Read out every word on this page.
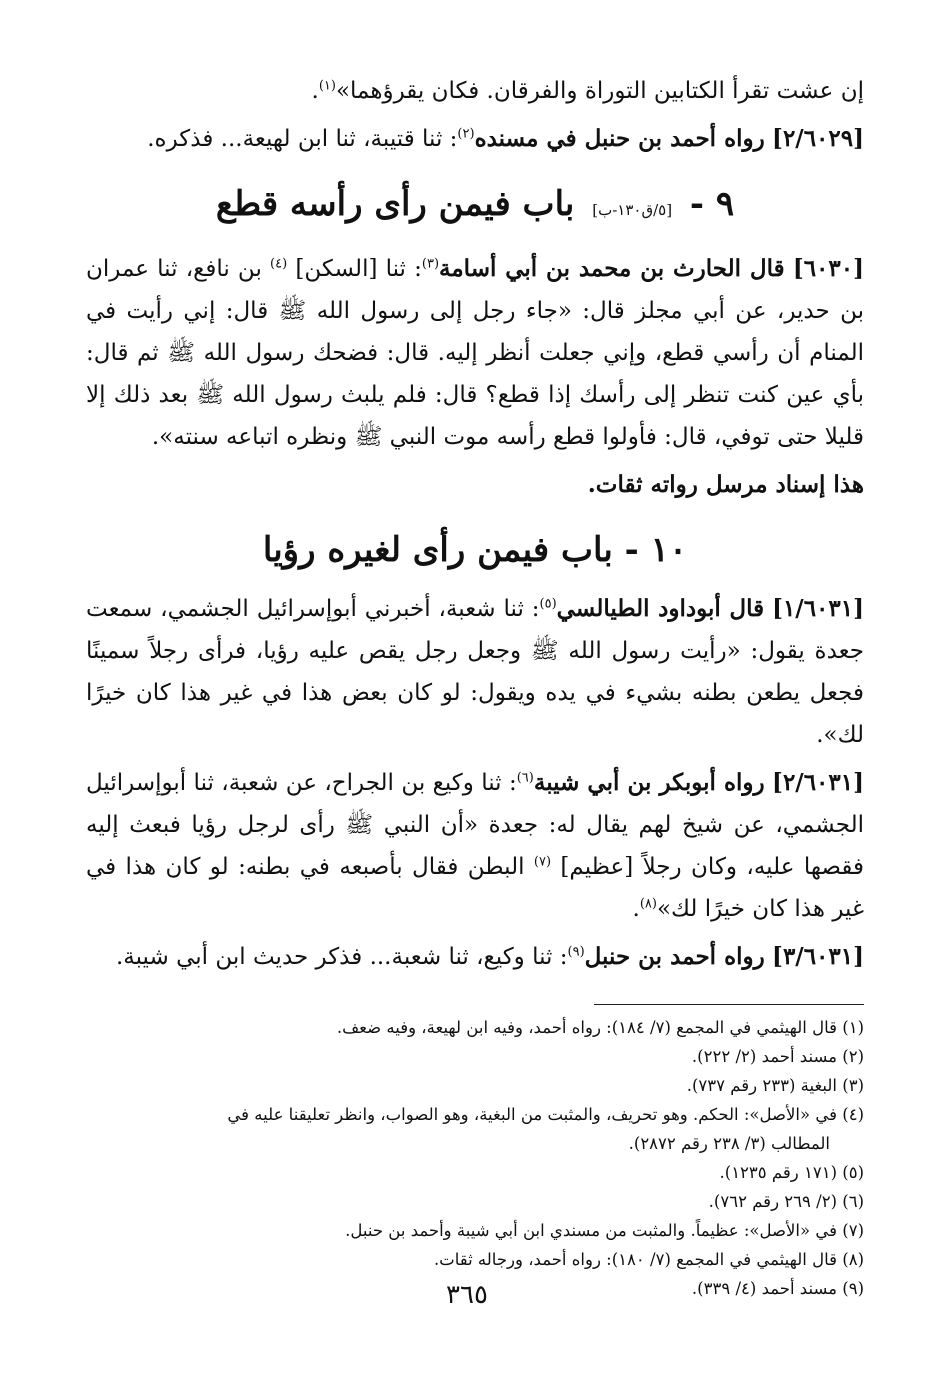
إن عشت تقرأ الكتابين التوراة والفرقان. فكان يقرؤهما»$^{(١)}$.

[٢/٦٠٢٩] رواه أحمد بن حنبل في مسنده$^{(٢)}$: ثنا قتيبة، ثنا ابن لهيعة... فذكره.

٩ - [٥/ق١٣٠-ب] باب فيمن رأى رأسه قطع

[٦٠٣٠] قال الحارث بن محمد بن أبي أسامة$^{(٣)}$: ثنا [السكن] $^{(٤)}$ بن نافع، ثنا عمران بن حدير، عن أبي مجلز قال: «جاء رجل إلى رسول الله ﷺ قال: إني رأيت في المنام أن رأسي قطع، وإني جعلت أنظر إليه. قال: فضحك رسول الله ﷺ ثم قال: بأي عين كنت تنظر إلى رأسك إذا قطع؟ قال: فلم يلبث رسول الله ﷺ بعد ذلك إلا قليلا حتى توفي، قال: فأولوا قطع رأسه موت النبي ﷺ ونظره اتباعه سنته».

هذا إسناد مرسل رواته ثقات.

١٠ - باب فيمن رأى لغيره رؤيا

[١/٦٠٣١] قال أبوداود الطيالسي$^{(٥)}$: ثنا شعبة، أخبرني أبوإسرائيل الجشمي، سمعت جعدة يقول: «رأيت رسول الله ﷺ وجعل رجل يقص عليه رؤيا، فرأى رجلاً سمينًا فجعل يطعن بطنه بشيء في يده ويقول: لو كان بعض هذا في غير هذا كان خيرًا لك».

[٢/٦٠٣١] رواه أبوبكر بن أبي شيبة$^{(٦)}$: ثنا وكيع بن الجراح، عن شعبة، ثنا أبوإسرائيل الجشمي، عن شيخ لهم يقال له: جعدة «أن النبي ﷺ رأى لرجل رؤيا فبعث إليه فقصها عليه، وكان رجلاً [عظيم] $^{(٧)}$ البطن فقال بأصبعه في بطنه: لو كان هذا في غير هذا كان خيرًا لك»$^{(٨)}$.

[٣/٦٠٣١] رواه أحمد بن حنبل$^{(٩)}$: ثنا وكيع، ثنا شعبة... فذكر حديث ابن أبي شيبة.

(١) قال الهيثمي في المجمع (٧/ ١٨٤): رواه أحمد، وفيه ابن لهيعة، وفيه ضعف.

(٢) مسند أحمد (٢/ ٢٢٢).

(٣) البغية (٢٣٣ رقم ٧٣٧).

(٤) في «الأصل»: الحكم. وهو تحريف، والمثبت من البغية، وهو الصواب، وانظر تعليقنا عليه في

المطالب (٣/ ٢٣٨ رقم ٢٨٧٢).

(٥) (١٧١ رقم ١٢٣٥).

(٦) (٢/ ٢٦٩ رقم ٧٦٢).

(٧) في «الأصل»: عظيماً. والمثبت من مسندي ابن أبي شيبة وأحمد بن حنبل.

(٨) قال الهيثمي في المجمع (٧/ ١٨٠): رواه أحمد، ورجاله ثقات.

(٩) مسند أحمد (٤/ ٣٣٩).

٣٦٥
